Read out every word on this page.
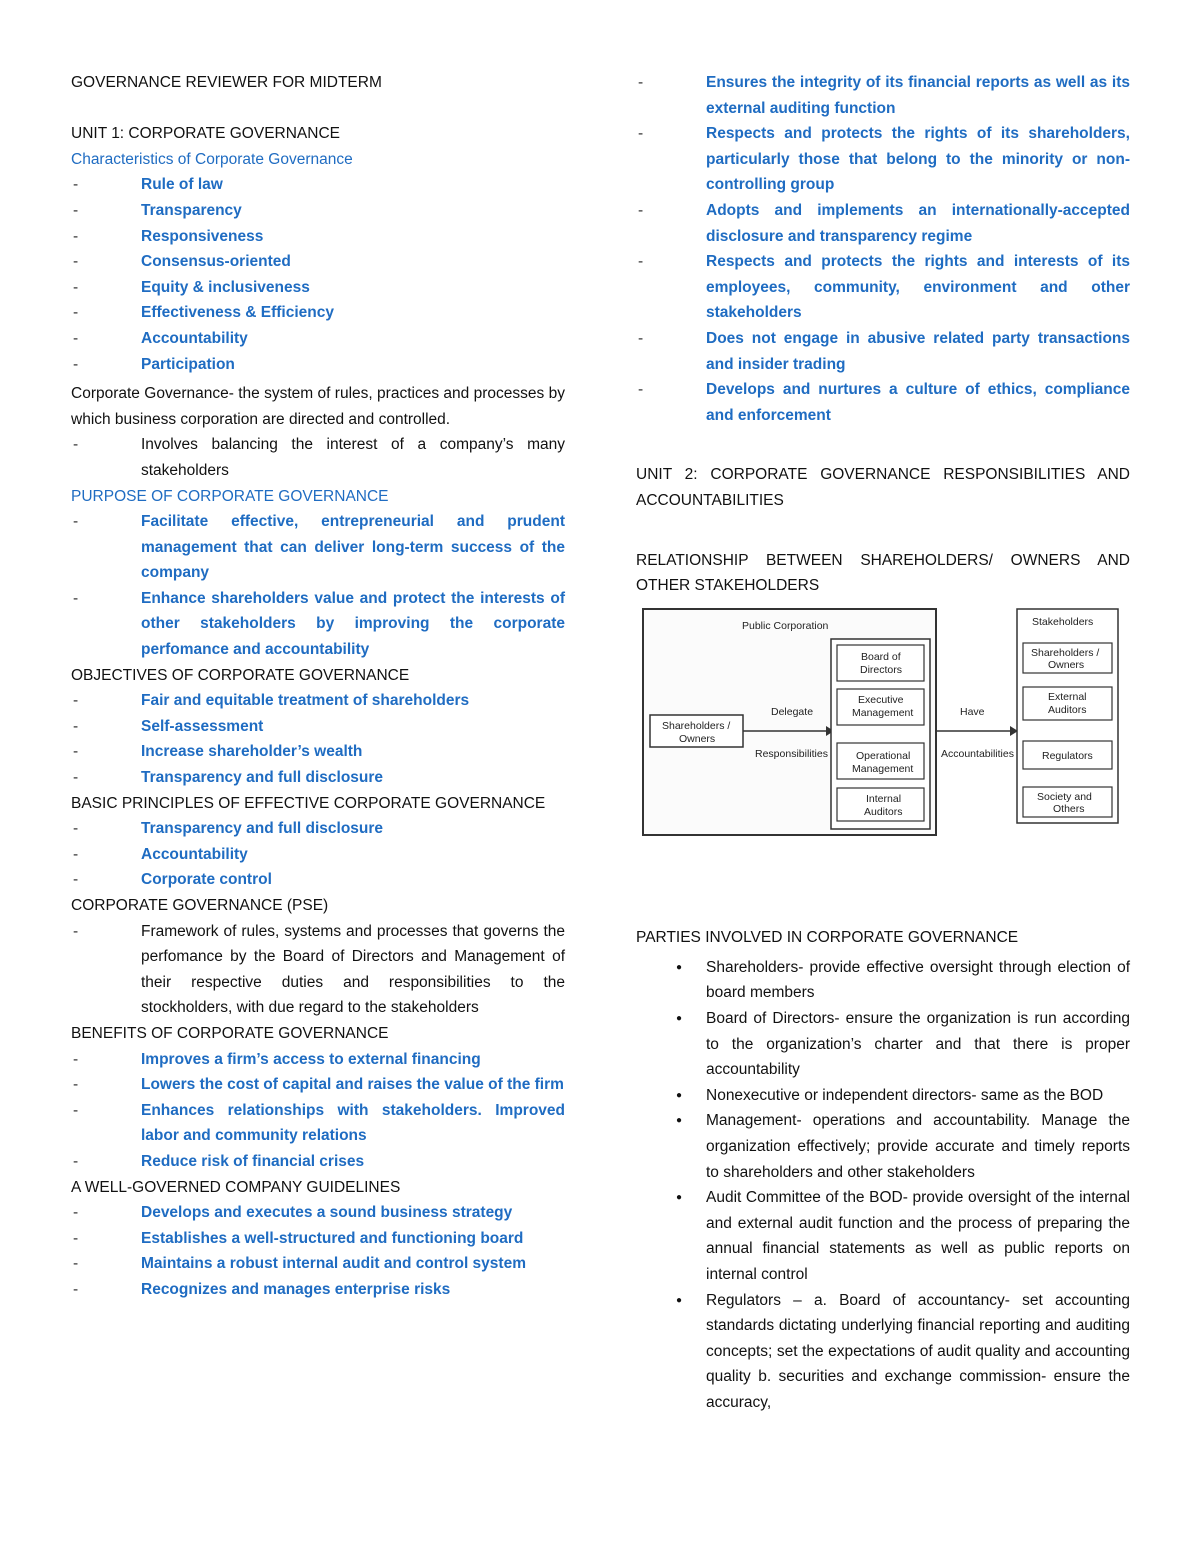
GOVERNANCE REVIEWER FOR MIDTERM

UNIT 1: CORPORATE GOVERNANCE

Characteristics of Corporate Governance

- Rule of law
- Transparency
- Responsiveness
- Consensus-oriented
- Equity & inclusiveness
- Effectiveness & Efficiency
- Accountability
- Participation

Corporate Governance- the system of rules, practices and processes by which business corporation are directed and controlled.

- Involves balancing the interest of a company’s many stakeholders

PURPOSE OF CORPORATE GOVERNANCE

- Facilitate effective, entrepreneurial and prudent management that can deliver long-term success of the company
- Enhance shareholders value and protect the interests of other stakeholders by improving the corporate perfomance and accountability

OBJECTIVES OF CORPORATE GOVERNANCE

- Fair and equitable treatment of shareholders
- Self-assessment
- Increase shareholder’s wealth
- Transparency and full disclosure

BASIC PRINCIPLES OF EFFECTIVE CORPORATE GOVERNANCE

- Transparency and full disclosure
- Accountability
- Corporate control

CORPORATE GOVERNANCE (PSE)

- Framework of rules, systems and processes that governs the perfomance by the Board of Directors and Management of their respective duties and responsibilities to the stockholders, with due regard to the stakeholders

BENEFITS OF CORPORATE GOVERNANCE

- Improves a firm’s access to external financing
- Lowers the cost of capital and raises the value of the firm
- Enhances relationships with stakeholders. Improved labor and community relations
- Reduce risk of financial crises

A WELL-GOVERNED COMPANY GUIDELINES

- Develops and executes a sound business strategy
- Establishes a well-structured and functioning board
- Maintains a robust internal audit and control system
- Recognizes and manages enterprise risks
- Ensures the integrity of its financial reports as well as its external auditing function
- Respects and protects the rights of its shareholders, particularly those that belong to the minority or non-controlling group
- Adopts and implements an internationally-accepted disclosure and transparency regime
- Respects and protects the rights and interests of its employees, community, environment and other stakeholders
- Does not engage in abusive related party transactions and insider trading
- Develops and nurtures a culture of ethics, compliance and enforcement

UNIT 2: CORPORATE GOVERNANCE RESPONSIBILITIES AND ACCOUNTABILITIES

RELATIONSHIP BETWEEN SHAREHOLDERS/ OWNERS AND OTHER STAKEHOLDERS

Public Corporation
Shareholders /
Owners
Delegate
Responsibilities
Board of
Directors
Executive
Management
Operational
Management
Internal
Auditors
Have
Accountabilities
Stakeholders
Shareholders /
Owners
External
Auditors
Regulators
Society and
Others

PARTIES INVOLVED IN CORPORATE GOVERNANCE

● Shareholders- provide effective oversight through election of board members
● Board of Directors- ensure the organization is run according to the organization’s charter and that there is proper accountability
● Nonexecutive or independent directors- same as the BOD
● Management- operations and accountability. Manage the organization effectively; provide accurate and timely reports to shareholders and other stakeholders
● Audit Committee of the BOD- provide oversight of the internal and external audit function and the process of preparing the annual financial statements as well as public reports on internal control
● Regulators – a. Board of accountancy- set accounting standards dictating underlying financial reporting and auditing concepts; set the expectations of audit quality and accounting quality b. securities and exchange commission- ensure the accuracy,
